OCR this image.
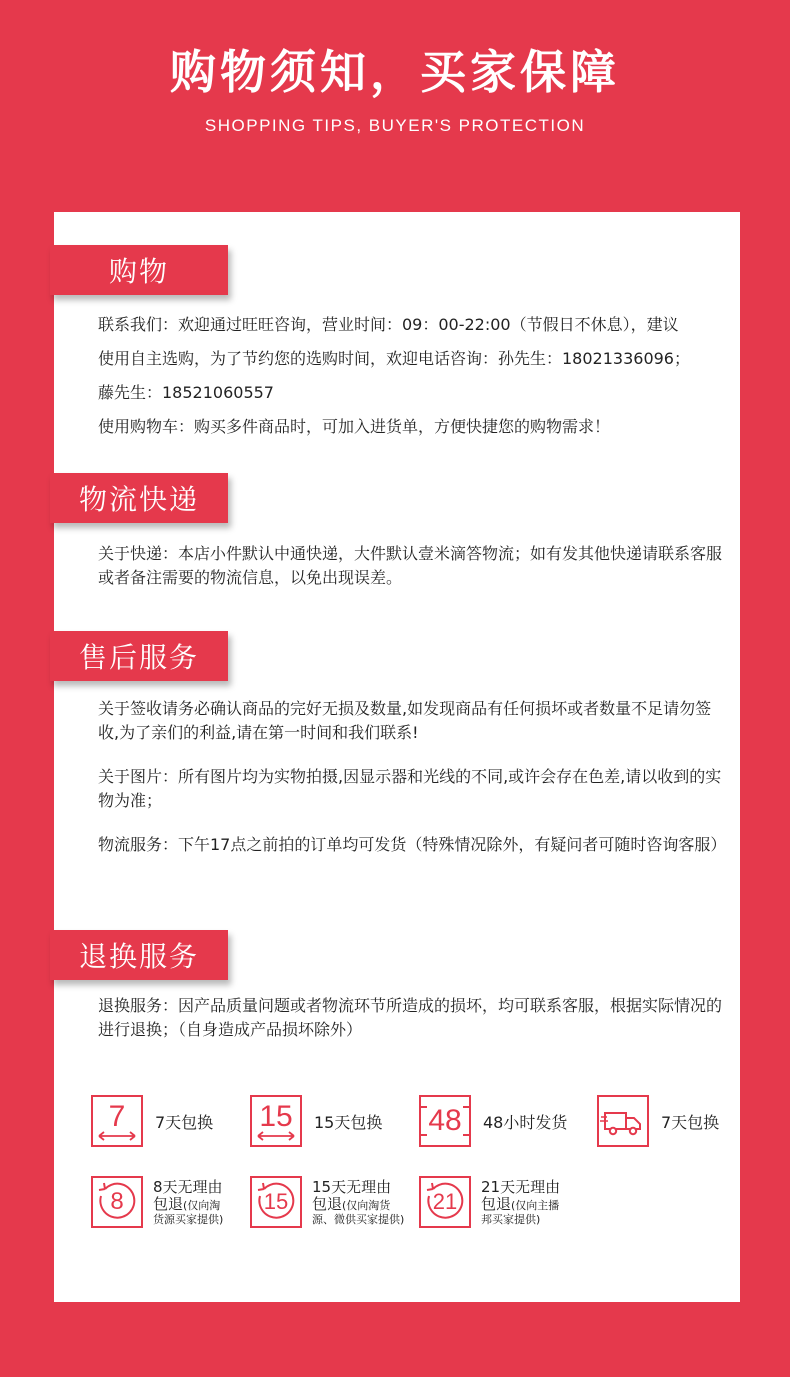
购物须知，买家保障
SHOPPING TIPS, BUYER'S PROTECTION
购物

联系我们：欢迎通过旺旺咨询，营业时间：09：00-22:00（节假日不休息），建议

使用自主选购，为了节约您的选购时间，欢迎电话咨询：孙先生：18021336096；

藤先生：18521060557

使用购物车：购买多件商品时，可加入进货单，方便快捷您的购物需求！

物流快递

关于快递：本店小件默认中通快递，大件默认壹米滴答物流；如有发其他快递请联系客服或者备注需要的物流信息，以免出现误差。

售后服务

关于签收请务必确认商品的完好无损及数量,如发现商品有任何损坏或者数量不足请勿签收,为了亲们的利益,请在第一时间和我们联系!

关于图片：所有图片均为实物拍摄,因显示器和光线的不同,或许会存在色差,请以收到的实物为准；

物流服务：下午17点之前拍的订单均可发货（特殊情况除外，有疑问者可随时咨询客服）

退换服务

退换服务：因产品质量问题或者物流环节所造成的损坏，均可联系客服，根据实际情况的进行退换；（自身造成产品损坏除外）

7	7天包换 15	15天包换 48	48小时发货	7天包换
8
8天无理由
包退(仅向淘
货源买家提供)
15
15天无理由
包退(仅向淘货
源、微供买家提供)
21
21天无理由
包退(仅向主播
邦买家提供)
